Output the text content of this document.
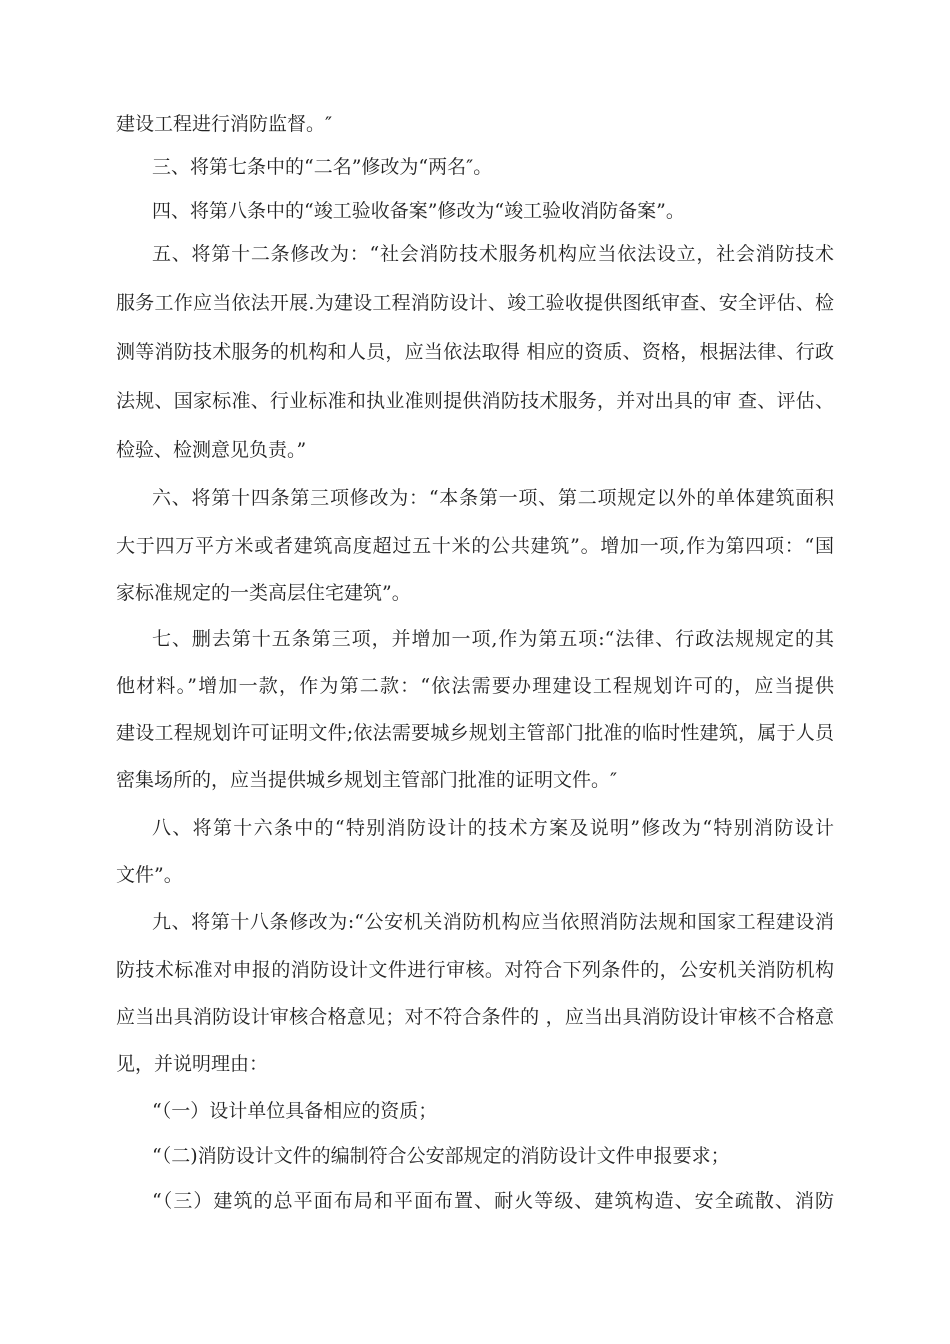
建设工程进行消防监督。″

三、将第七条中的“二名”修改为“两名″。

四、将第八条中的“竣工验收备案”修改为“竣工验收消防备案”。

五、将第十二条修改为：“社会消防技术服务机构应当依法设立，社会消防技术

服务工作应当依法开展.为建设工程消防设计、竣工验收提供图纸审查、安全评估、检

测等消防技术服务的机构和人员，应当依法取得 相应的资质、资格，根据法律、行政

法规、国家标准、行业标准和执业准则提供消防技术服务，并对出具的审 查、评估、

检验、检测意见负责。”

六、将第十四条第三项修改为：“本条第一项、第二项规定以外的单体建筑面积

大于四万平方米或者建筑高度超过五十米的公共建筑”。增加一项,作为第四项：“国

家标准规定的一类高层住宅建筑”。

七、删去第十五条第三项，并增加一项,作为第五项:“法律、行政法规规定的其

他材料。”增加一款，作为第二款：“依法需要办理建设工程规划许可的，应当提供

建设工程规划许可证明文件;依法需要城乡规划主管部门批准的临时性建筑，属于人员

密集场所的，应当提供城乡规划主管部门批准的证明文件。″

八、将第十六条中的“特别消防设计的技术方案及说明”修改为“特别消防设计

文件”。

九、将第十八条修改为:“公安机关消防机构应当依照消防法规和国家工程建设消

防技术标准对申报的消防设计文件进行审核。对符合下列条件的，公安机关消防机构

应当出具消防设计审核合格意见；对不符合条件的 ，应当出具消防设计审核不合格意

见，并说明理由：

“（一）设计单位具备相应的资质；

“（二)消防设计文件的编制符合公安部规定的消防设计文件申报要求；

“（三）建筑的总平面布局和平面布置、耐火等级、建筑构造、安全疏散、消防
